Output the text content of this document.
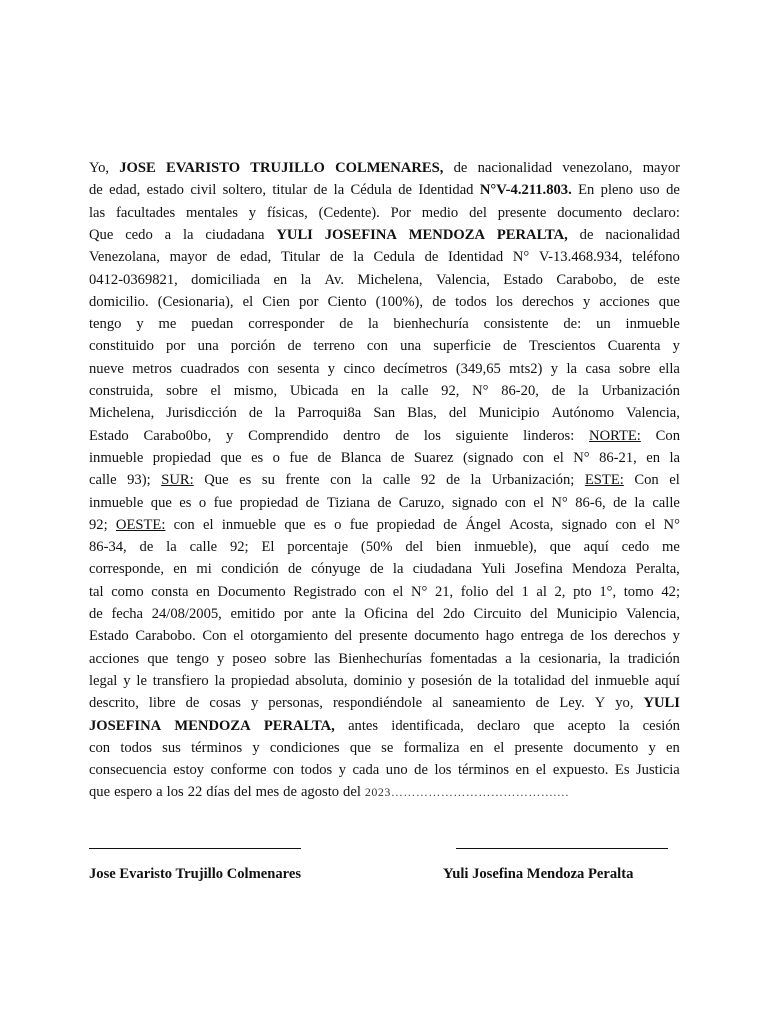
Yo, JOSE EVARISTO TRUJILLO COLMENARES, de nacionalidad venezolano, mayor
de edad, estado civil soltero, titular de la Cédula de Identidad N°V-4.211.803. En pleno uso de
las facultades mentales y físicas, (Cedente). Por medio del presente documento declaro:
Que cedo a la ciudadana YULI JOSEFINA MENDOZA PERALTA, de nacionalidad
Venezolana, mayor de edad, Titular de la Cedula de Identidad N° V-13.468.934, teléfono
0412-0369821, domiciliada en la Av. Michelena, Valencia, Estado Carabobo, de este
domicilio. (Cesionaria), el Cien por Ciento (100%), de todos los derechos y acciones que
tengo y me puedan corresponder de la bienhechuría consistente de: un inmueble
constituido por una porción de terreno con una superficie de Trescientos Cuarenta y
nueve metros cuadrados con sesenta y cinco decímetros (349,65 mts2) y la casa sobre ella
construida, sobre el mismo, Ubicada en la calle 92, N° 86-20, de la Urbanización
Michelena, Jurisdicción de la Parroqui8a San Blas, del Municipio Autónomo Valencia,
Estado Carabo0bo, y Comprendido dentro de los siguiente linderos: NORTE: Con
inmueble propiedad que es o fue de Blanca de Suarez (signado con el N° 86-21, en la
calle 93); SUR: Que es su frente con la calle 92 de la Urbanización; ESTE: Con el
inmueble que es o fue propiedad de Tiziana de Caruzo, signado con el N° 86-6, de la calle
92; OESTE: con el inmueble que es o fue propiedad de Ángel Acosta, signado con el N°
86-34, de la calle 92; El porcentaje (50% del bien inmueble), que aquí cedo me
corresponde, en mi condición de cónyuge de la ciudadana Yuli Josefina Mendoza Peralta,
tal como consta en Documento Registrado con el N° 21, folio del 1 al 2, pto 1°, tomo 42;
de fecha 24/08/2005, emitido por ante la Oficina del 2do Circuito del Municipio Valencia,
Estado Carabobo. Con el otorgamiento del presente documento hago entrega de los derechos y
acciones que tengo y poseo sobre las Bienhechurías fomentadas a la cesionaria, la tradición
legal y le transfiero la propiedad absoluta, dominio y posesión de la totalidad del inmueble aquí
descrito, libre de cosas y personas, respondiéndole al saneamiento de Ley. Y yo, YULI
JOSEFINA MENDOZA PERALTA, antes identificada, declaro que acepto la cesión
con todos sus términos y condiciones que se formaliza en el presente documento y en
consecuencia estoy conforme con todos y cada uno de los términos en el expuesto. Es Justicia
que espero a los 22 días del mes de agosto del 2023………………………………….…
Jose Evaristo Trujillo Colmenares	Yuli Josefina Mendoza Peralta
